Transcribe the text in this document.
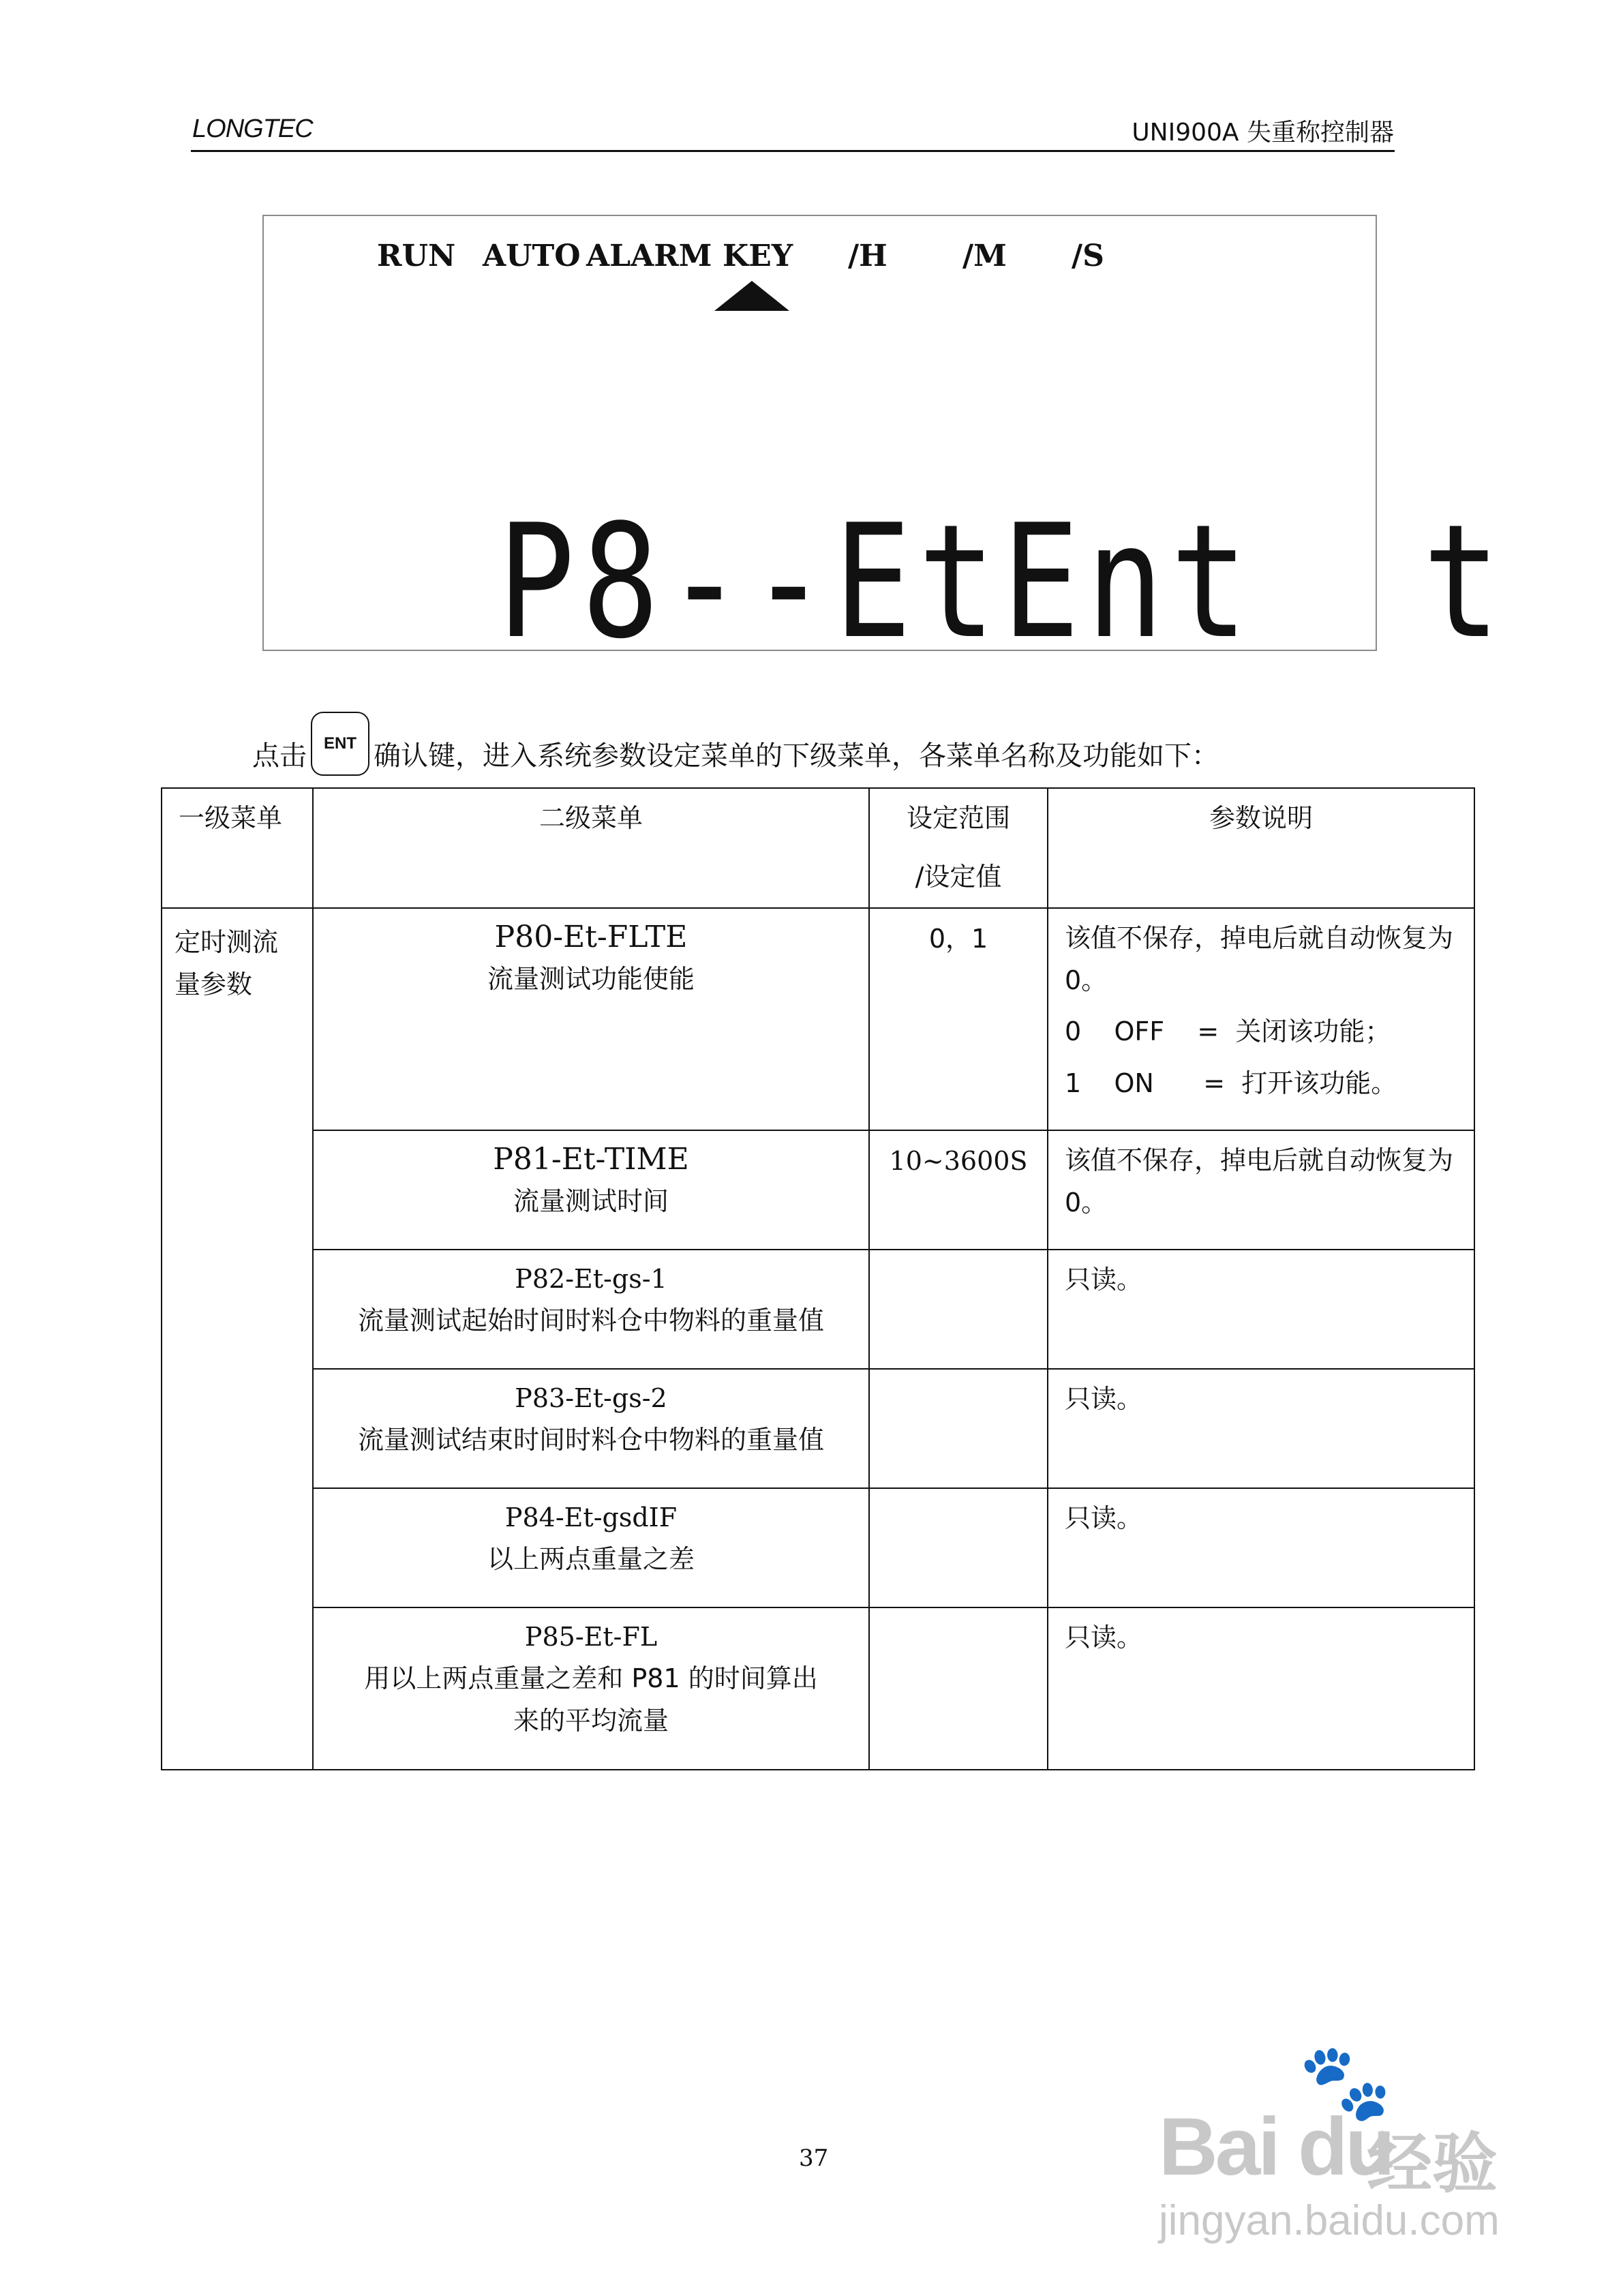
LONGTEC	UNI900A 失重称控制器
RUN AUTO ALARM KEY /H	/M /S
P8--EtEnt  t
点击	ENT 确认键，进入系统参数设定菜单的下级菜单，各菜单名称及功能如下：
一级菜单	二级菜单	设定范围
/设定值	参数说明
定时测流量参数	P80-Et-FLTE
流量测试功能使能	0，1	该值不保存，掉电后就自动恢复为 0。
0    OFF    =  关闭该功能；
1    ON      =  打开该功能。

	P81-Et-TIME
流量测试时间	10~3600S	该值不保存，掉电后就自动恢复为 0。

	P82-Et-gs-1
流量测试起始时间时料仓中物料的重量值		只读。

	P83-Et-gs-2
流量测试结束时间时料仓中物料的重量值		只读。

	P84-Et-gsdIF
以上两点重量之差		只读。

	P85-Et-FL
用以上两点重量之差和 P81 的时间算出来的平均流量		只读。
37
🐾
Bai du
经验
jingyan.baidu.com
